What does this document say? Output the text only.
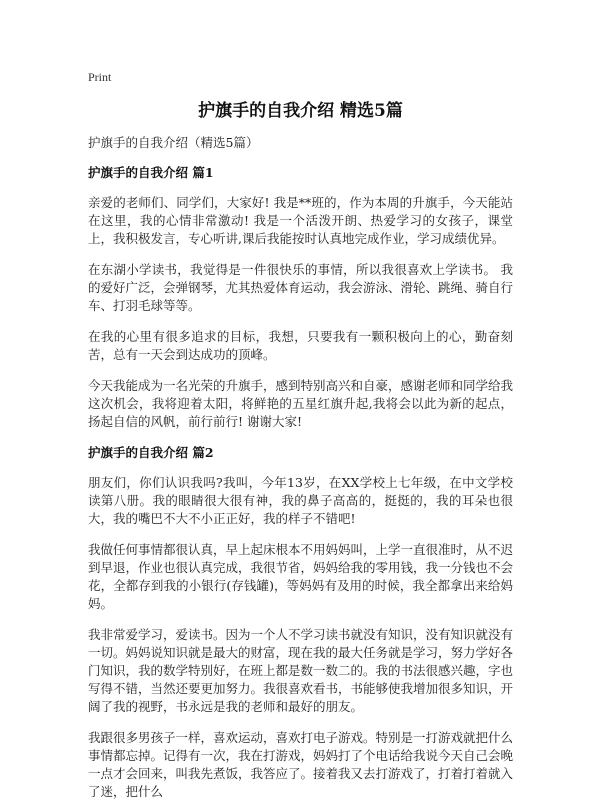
Print
护旗手的自我介绍 精选5篇
护旗手的自我介绍（精选5篇）
护旗手的自我介绍 篇1

亲爱的老师们、同学们，大家好! 我是**班的，作为本周的升旗手，今天能站在这里，我的心情非常激动! 我是一个活泼开朗、热爱学习的女孩子，课堂上，我积极发言，专心听讲,课后我能按时认真地完成作业，学习成绩优异。

在东湖小学读书，我觉得是一件很快乐的事情，所以我很喜欢上学读书。 我的爱好广泛，会弹钢琴，尤其热爱体育运动，我会游泳、滑轮、跳绳、骑自行车、打羽毛球等等。

在我的心里有很多追求的目标，我想，只要我有一颗积极向上的心，勤奋刻苦，总有一天会到达成功的顶峰。

今天我能成为一名光荣的升旗手，感到特别高兴和自豪，感谢老师和同学给我这次机会，我将迎着太阳，将鲜艳的五星红旗升起,我将会以此为新的起点，扬起自信的风帆，前行前行! 谢谢大家!

护旗手的自我介绍 篇2

朋友们，你们认识我吗?我叫，今年13岁，在XX学校上七年级，在中文学校读第八册。我的眼睛很大很有神，我的鼻子高高的，挺挺的，我的耳朵也很大，我的嘴巴不大不小正正好，我的样子不错吧!

我做任何事情都很认真，早上起床根本不用妈妈叫，上学一直很准时，从不迟到早退，作业也很认真完成，我很节省，妈妈给我的零用钱，我一分钱也不会花，全都存到我的小银行(存钱罐)，等妈妈有及用的时候，我全都拿出来给妈妈。

我非常爱学习，爱读书。因为一个人不学习读书就没有知识，没有知识就没有一切。妈妈说知识就是最大的财富，现在我的最大任务就是学习，努力学好各门知识，我的数学特别好，在班上都是数一数二的。我的书法很感兴趣，字也写得不错，当然还要更加努力。我很喜欢看书，书能够使我增加很多知识，开阔了我的视野，书永远是我的老师和最好的朋友。

我跟很多男孩子一样，喜欢运动，喜欢打电子游戏。特别是一打游戏就把什么事情都忘掉。记得有一次，我在打游戏，妈妈打了个电话给我说今天自己会晚一点才会回来，叫我先煮饭，我答应了。接着我又去打游戏了，打着打着就入了迷，把什么
